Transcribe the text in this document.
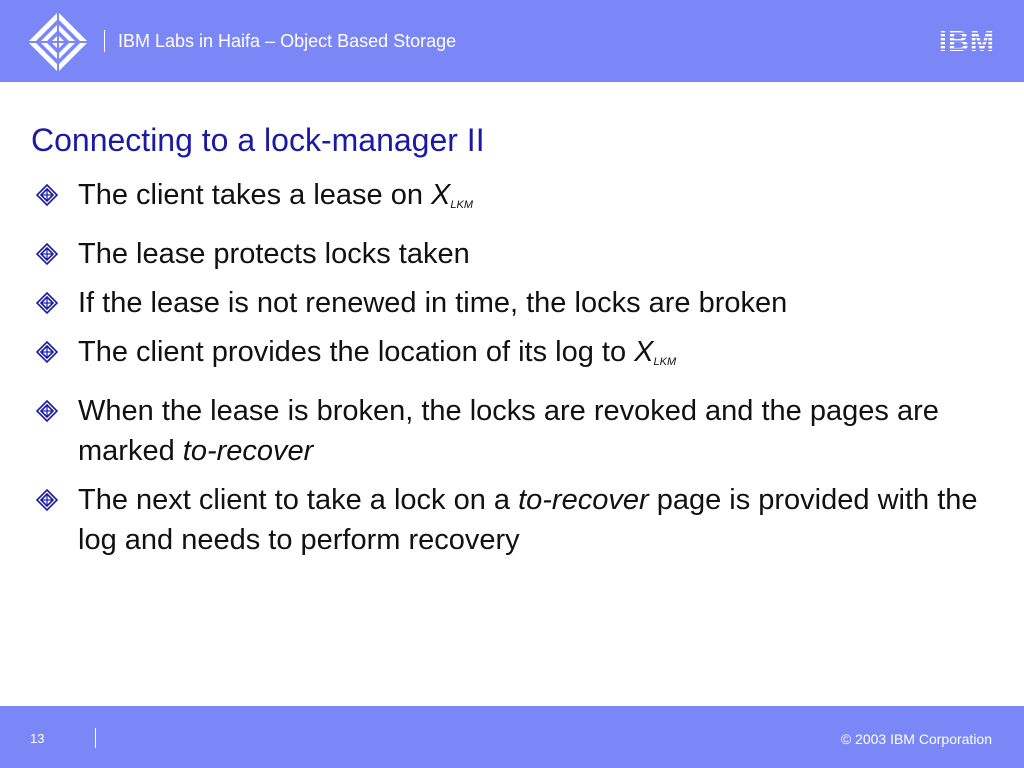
IBM Labs in Haifa – Object Based Storage	IBM
Connecting to a lock-manager II
The client takes a lease on $X_{LKM}$
The lease protects locks taken
If the lease is not renewed in time, the locks are broken
The client provides the location of its log to $X_{LKM}$
When the lease is broken, the locks are revoked and the pages are marked to-recover
The next client to take a lock on a to-recover page is provided with the log and needs to perform recovery
13	© 2003 IBM Corporation
